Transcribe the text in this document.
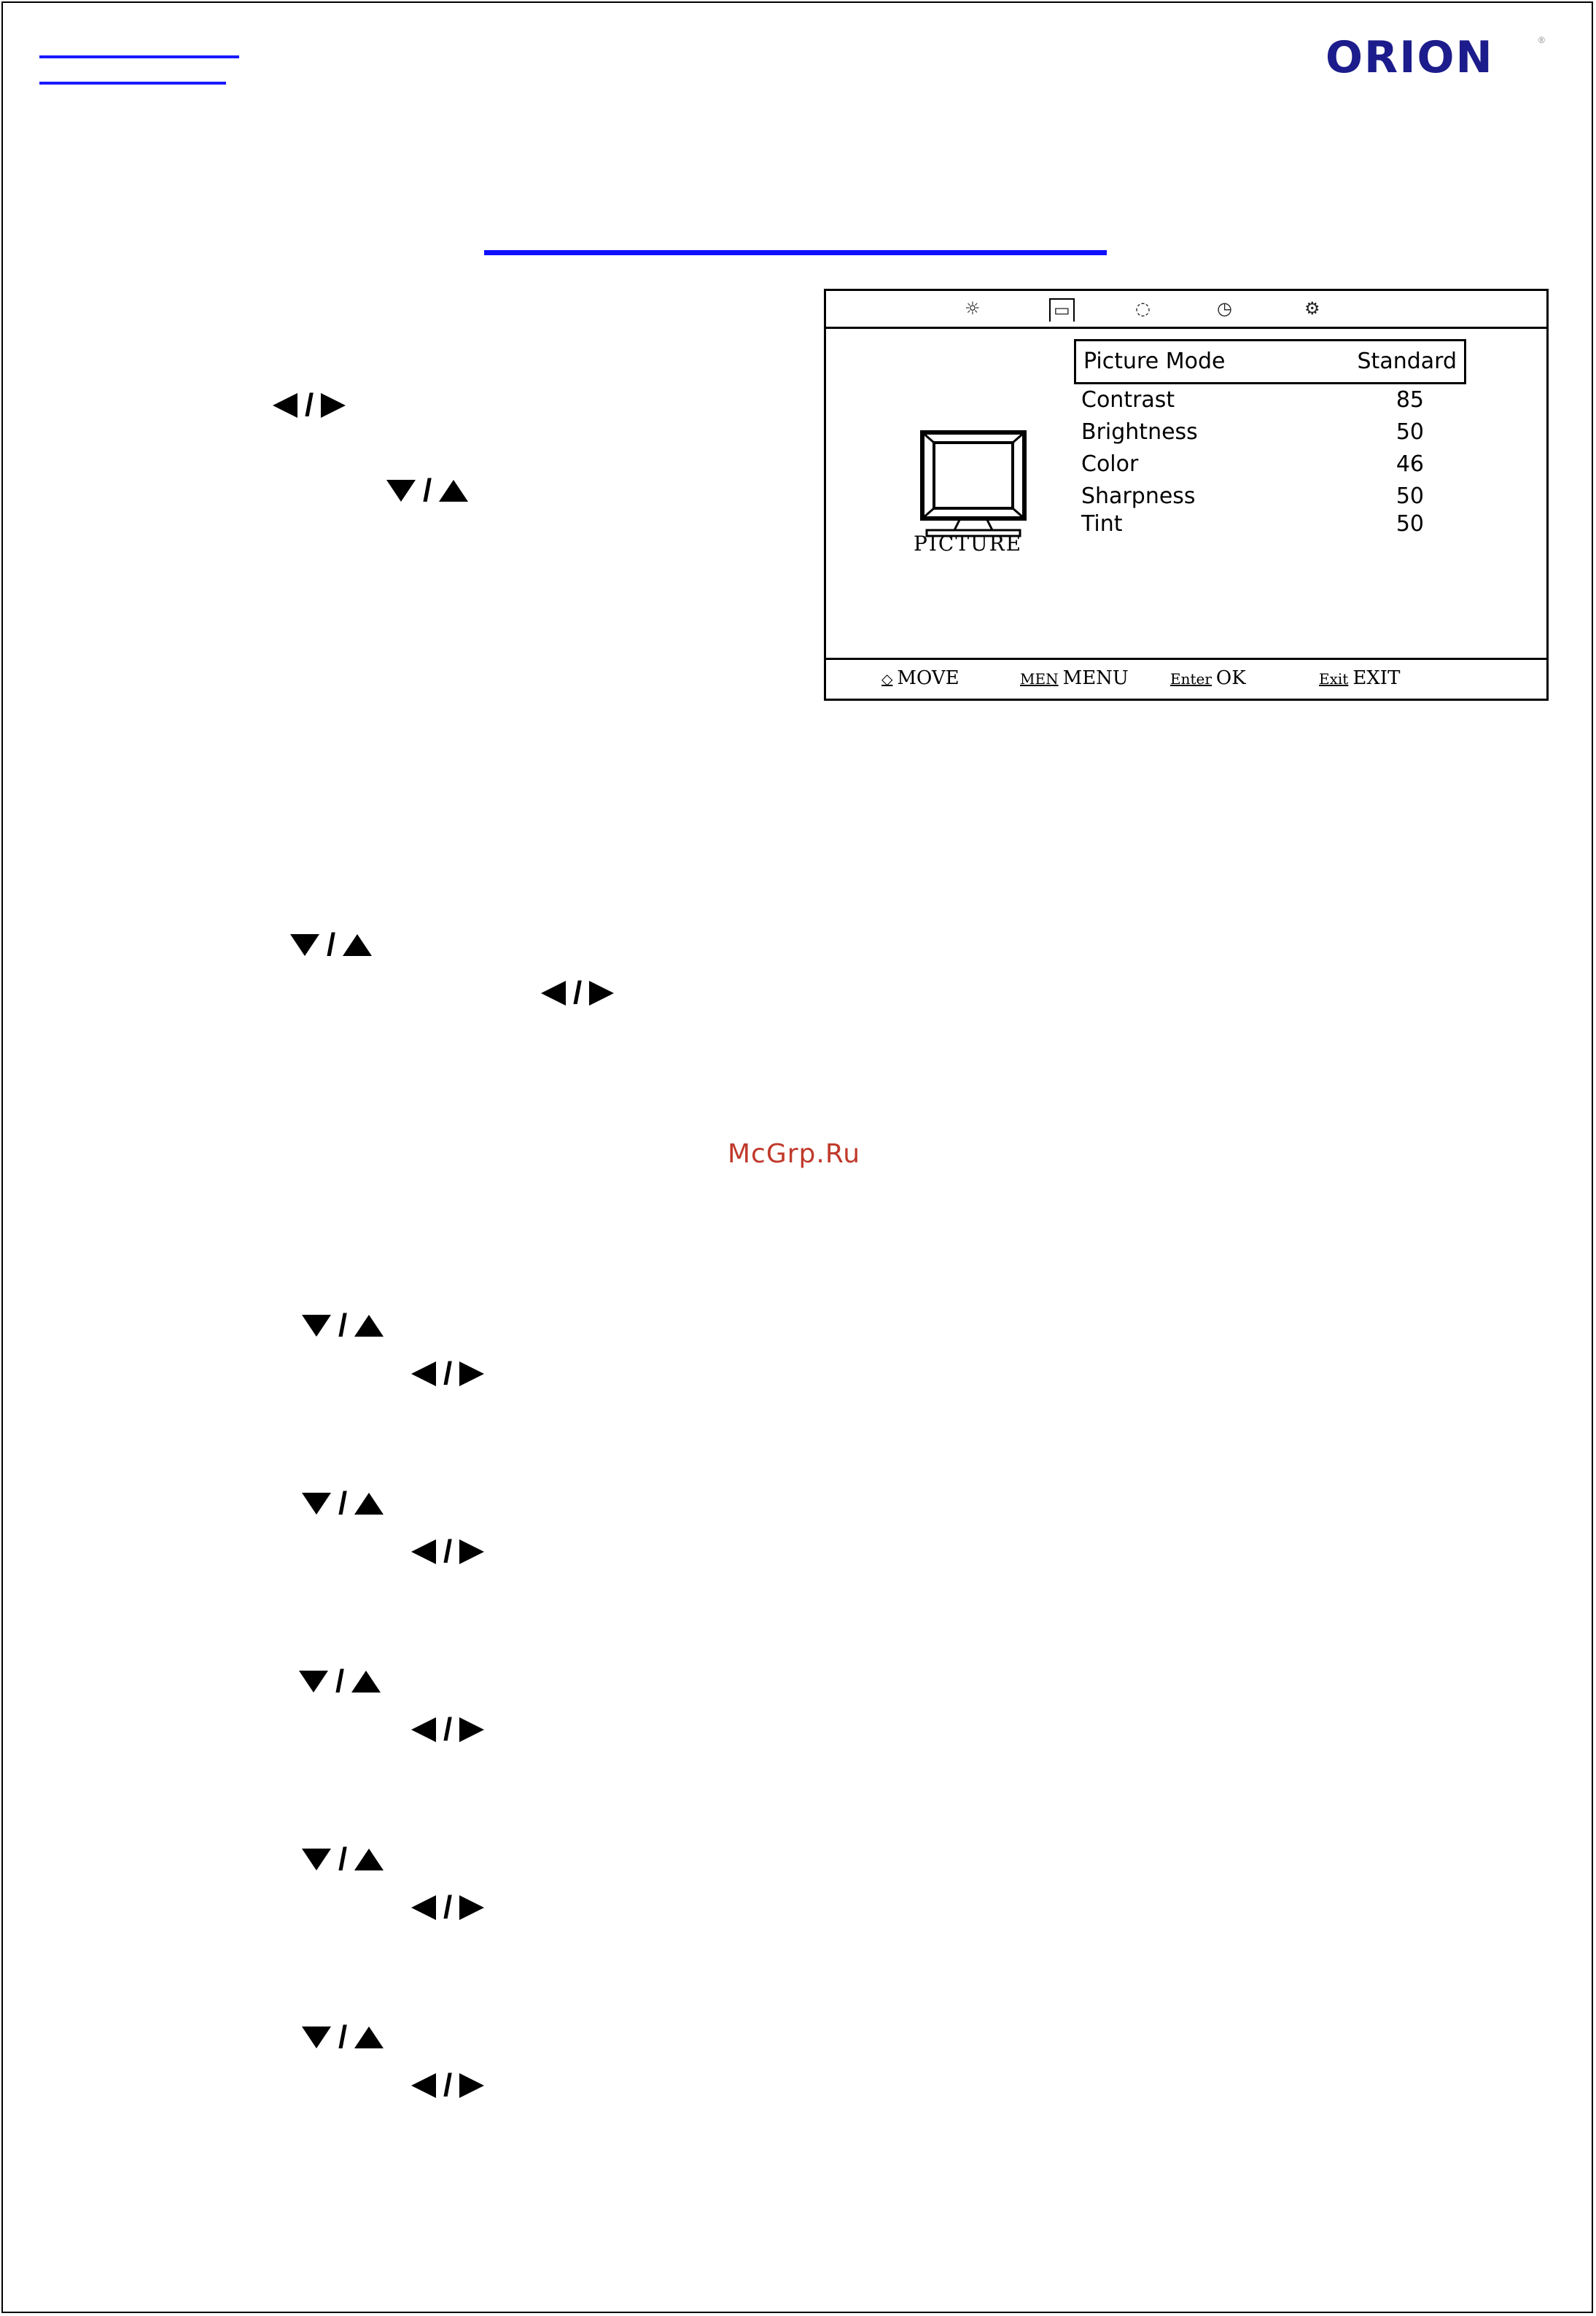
ORION	®
/
/
☼	▭	◌	◷	⚙
PICTURE
Picture Mode	Standard
Contrast	85
Brightness	50
Color	46
Sharpness	50
Tint	50
◇ MOVE	MEN MENU	Enter OK	Exit EXIT
/
/
McGrp.Ru
/
/
/
/
/
/
/
/
/
/
